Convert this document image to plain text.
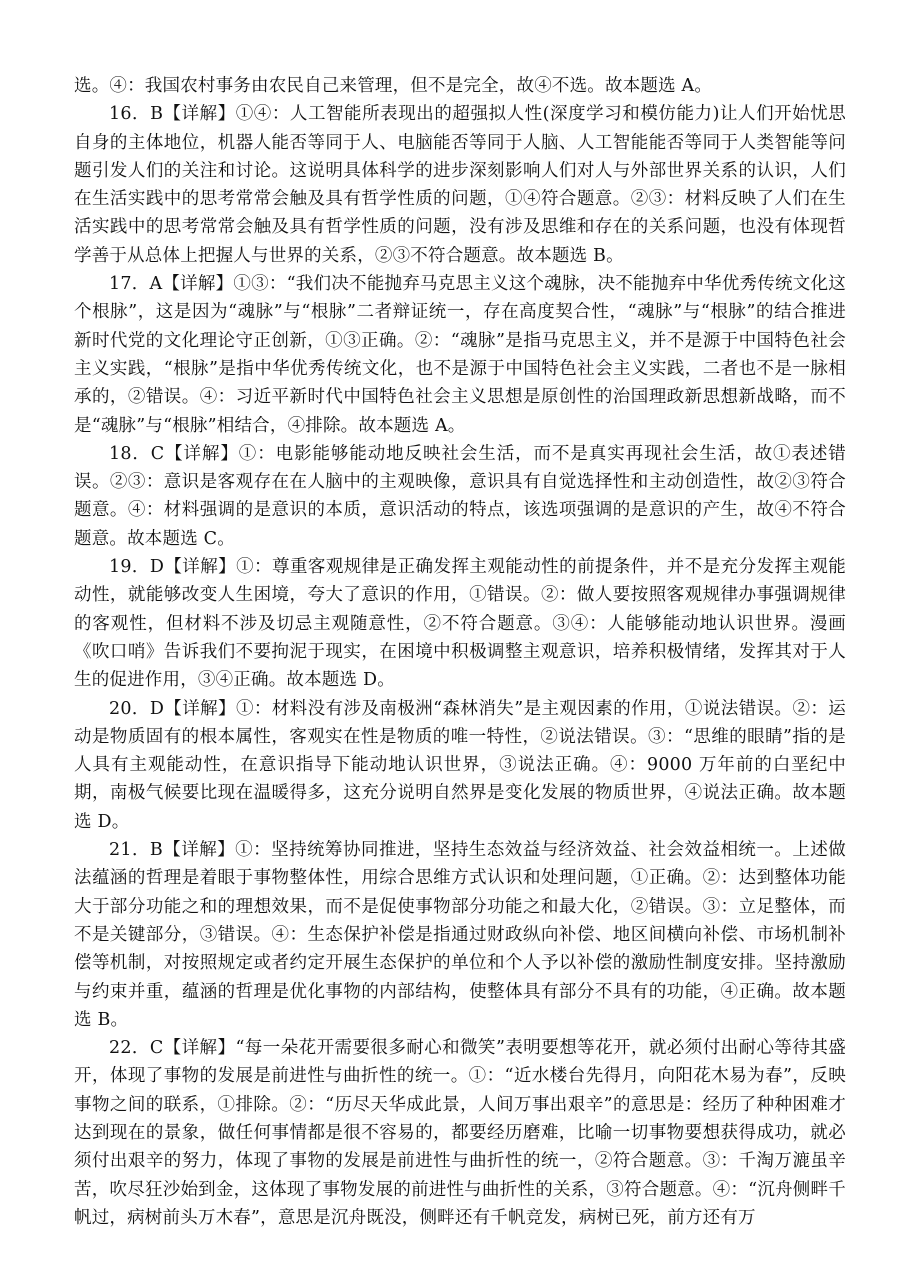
选。④：我国农村事务由农民自己来管理，但不是完全，故④不选。故本题选 A。

16．B【详解】①④：人工智能所表现出的超强拟人性(深度学习和模仿能力)让人们开始忧思自身的主体地位，机器人能否等同于人、电脑能否等同于人脑、人工智能能否等同于人类智能等问题引发人们的关注和讨论。这说明具体科学的进步深刻影响人们对人与外部世界关系的认识，人们在生活实践中的思考常常会触及具有哲学性质的问题，①④符合题意。②③：材料反映了人们在生活实践中的思考常常会触及具有哲学性质的问题，没有涉及思维和存在的关系问题，也没有体现哲学善于从总体上把握人与世界的关系，②③不符合题意。故本题选 B。

17．A【详解】①③：“我们决不能抛弃马克思主义这个魂脉，决不能抛弃中华优秀传统文化这个根脉”，这是因为“魂脉”与“根脉”二者辩证统一，存在高度契合性，“魂脉”与“根脉”的结合推进新时代党的文化理论守正创新，①③正确。②：“魂脉”是指马克思主义，并不是源于中国特色社会主义实践，“根脉”是指中华优秀传统文化，也不是源于中国特色社会主义实践，二者也不是一脉相承的，②错误。④：习近平新时代中国特色社会主义思想是原创性的治国理政新思想新战略，而不是“魂脉”与“根脉”相结合，④排除。故本题选 A。

18．C【详解】①：电影能够能动地反映社会生活，而不是真实再现社会生活，故①表述错误。②③：意识是客观存在在人脑中的主观映像，意识具有自觉选择性和主动创造性，故②③符合题意。④：材料强调的是意识的本质，意识活动的特点，该选项强调的是意识的产生，故④不符合题意。故本题选 C。

19．D【详解】①：尊重客观规律是正确发挥主观能动性的前提条件，并不是充分发挥主观能动性，就能够改变人生困境，夸大了意识的作用，①错误。②：做人要按照客观规律办事强调规律的客观性，但材料不涉及切忌主观随意性，②不符合题意。③④：人能够能动地认识世界。漫画《吹口哨》告诉我们不要拘泥于现实，在困境中积极调整主观意识，培养积极情绪，发挥其对于人生的促进作用，③④正确。故本题选 D。

20．D【详解】①：材料没有涉及南极洲“森林消失”是主观因素的作用，①说法错误。②：运动是物质固有的根本属性，客观实在性是物质的唯一特性，②说法错误。③：“思维的眼睛”指的是人具有主观能动性，在意识指导下能动地认识世界，③说法正确。④：9000 万年前的白垩纪中期，南极气候要比现在温暖得多，这充分说明自然界是变化发展的物质世界，④说法正确。故本题选 D。

21．B【详解】①：坚持统筹协同推进，坚持生态效益与经济效益、社会效益相统一。上述做法蕴涵的哲理是着眼于事物整体性，用综合思维方式认识和处理问题，①正确。②：达到整体功能大于部分功能之和的理想效果，而不是促使事物部分功能之和最大化，②错误。③：立足整体，而不是关键部分，③错误。④：生态保护补偿是指通过财政纵向补偿、地区间横向补偿、市场机制补偿等机制，对按照规定或者约定开展生态保护的单位和个人予以补偿的激励性制度安排。坚持激励与约束并重，蕴涵的哲理是优化事物的内部结构，使整体具有部分不具有的功能，④正确。故本题选 B。

22．C【详解】“每一朵花开需要很多耐心和微笑”表明要想等花开，就必须付出耐心等待其盛开，体现了事物的发展是前进性与曲折性的统一。①：“近水楼台先得月，向阳花木易为春”，反映事物之间的联系，①排除。②：“历尽天华成此景，人间万事出艰辛”的意思是：经历了种种困难才达到现在的景象，做任何事情都是很不容易的，都要经历磨难，比喻一切事物要想获得成功，就必须付出艰辛的努力，体现了事物的发展是前进性与曲折性的统一，②符合题意。③：千淘万漉虽辛苦，吹尽狂沙始到金，这体现了事物发展的前进性与曲折性的关系，③符合题意。④：“沉舟侧畔千帆过，病树前头万木春”，意思是沉舟既没，侧畔还有千帆竞发，病树已死，前方还有万
